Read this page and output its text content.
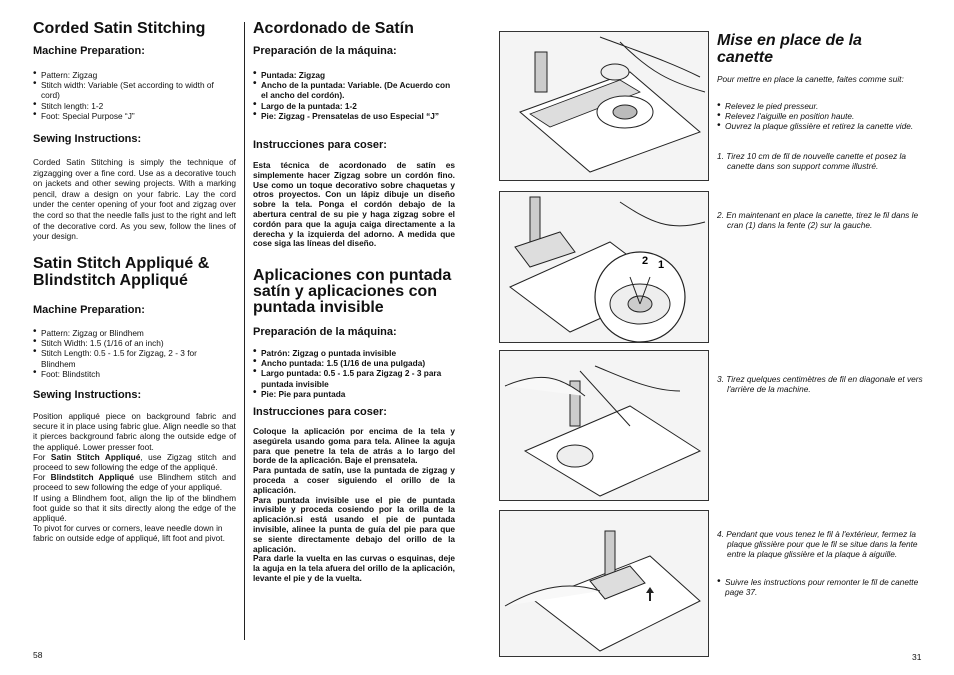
Corded Satin Stitching
Machine Preparation:
• Pattern: Zigzag
• Stitch width: Variable (Set according to width of cord)
• Stitch length: 1-2
• Foot: Special Purpose “J”
Sewing Instructions:

Corded Satin Stitching is simply the technique of zigzagging over a fine cord. Use as a decorative touch on jackets and other sewing projects. With a marking pencil, draw a design on your fabric. Lay the cord under the center opening of your foot and zigzag over the cord so that the needle falls just to the right and left of the decorative cord. As you sew, follow the lines of your design.

Satin Stitch Appliqué & Blindstitch Appliqué
Machine Preparation:
• Pattern: Zigzag or Blindhem
• Stitch Width: 1.5 (1/16 of an inch)
• Stitch Length: 0.5 - 1.5 for Zigzag, 2 - 3 for Blindhem
• Foot: Blindstitch
Sewing Instructions:

Position appliqué piece on background fabric and secure it in place using fabric glue. Align needle so that it pierces background fabric along the outside edge of the appliqué. Lower presser foot.

For Satin Stitch Appliqué, use Zigzag stitch and proceed to sew following the edge of the appliqué.

For Blindstitch Appliqué use Blindhem stitch and proceed to sew following the edge of your appliqué.

If using a Blindhem foot, align the lip of the blindhem foot guide so that it sits directly along the edge of the appliqué.

To pivot for curves or corners, leave needle down in fabric on outside edge of appliqué, lift foot and pivot.

58
Acordonado de Satín
Preparación de la máquina:
• Puntada: Zigzag
• Ancho de la puntada: Variable. (De Acuerdo con el ancho del cordón).
• Largo de la puntada: 1-2
• Pie: Zigzag - Prensatelas de uso Especial “J”
Instrucciones para coser:

Esta técnica de acordonado de satín es simplemente hacer Zigzag sobre un cordón fino. Use como un toque decorativo sobre chaquetas y otros proyectos. Con un lápiz dibuje un diseño sobre la tela. Ponga el cordón debajo de la abertura central de su pie y haga zigzag sobre el cordón para que la aguja caiga directamente a la derecha y la izquierda del adorno. A medida que cose siga las líneas del diseño.

Aplicaciones con puntada satín y aplicaciones con puntada invisible
Preparación de la máquina:
• Patrón: Zigzag o puntada invisible
• Ancho puntada: 1.5 (1/16 de una pulgada)
• Largo puntada: 0.5 - 1.5 para Zigzag 2 - 3 para puntada invisible
• Pie: Pie para puntada
Instrucciones para coser:

Coloque la aplicación por encima de la tela y asegúrela usando goma para tela. Alinee la aguja para que penetre la tela de atrás a lo largo del borde de la aplicación. Baje el prensatela.

Para puntada de satín, use la puntada de zigzag y proceda a coser siguiendo el orillo de la aplicación.

Para puntada invisible use el pie de puntada invisible y proceda cosiendo por la orilla de la aplicación.si está usando el pie de puntada invisible, alinee la punta de guía del pie para que se siente directamente debajo del orillo de la aplicación.

Para darle la vuelta en las curvas o esquinas, deje la aguja en la tela afuera del orillo de la aplicación, levante el pie y de la vuelta.

2 1
Mise en place de la canette

Pour mettre en place la canette, faites comme suit:

• Relevez le pied presseur.
• Relevez l'aiguille en position haute.
• Ouvrez la plaque glissière et retirez la canette vide.

1. Tirez 10 cm de fil de nouvelle canette et posez la canette dans son support comme illustré.

2. En maintenant en place la canette, tirez le fil dans le cran (1) dans la fente (2) sur la gauche.

3. Tirez quelques centimètres de fil en diagonale et vers l'arrière de la machine.

4. Pendant que vous tenez le fil à l'extérieur, fermez la plaque glissière pour que le fil se situe dans la fente entre la plaque glissière et la plaque à aiguille.

• Suivre les instructions pour remonter le fil de canette page 37.
31
